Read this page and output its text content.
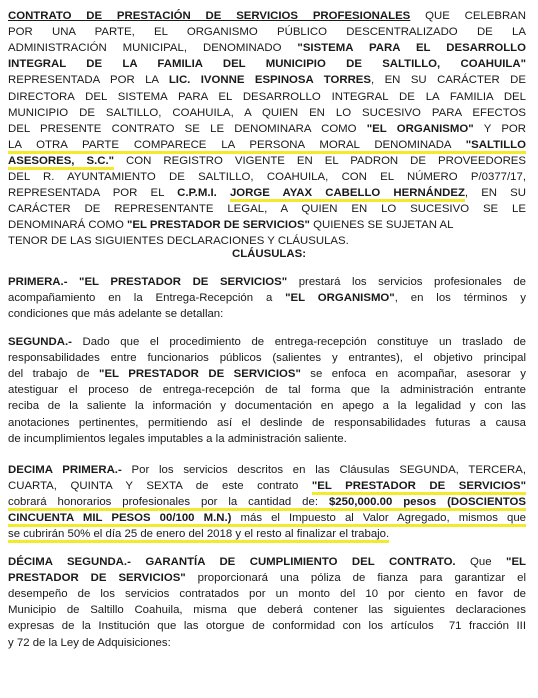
CONTRATO DE PRESTACIÓN DE SERVICIOS PROFESIONALES QUE CELEBRAN
POR UNA PARTE, EL ORGANISMO PÚBLICO DESCENTRALIZADO DE LA
ADMINISTRACIÓN MUNICIPAL, DENOMINADO "SISTEMA PARA EL DESARROLLO
INTEGRAL DE LA FAMILIA DEL MUNICIPIO DE SALTILLO, COAHUILA"
REPRESENTADA POR LA LIC. IVONNE ESPINOSA TORRES, EN SU CARÁCTER DE
DIRECTORA DEL SISTEMA PARA EL DESARROLLO INTEGRAL DE LA FAMILIA DEL
MUNICIPIO DE SALTILLO, COAHUILA, A QUIEN EN LO SUCESIVO PARA EFECTOS
DEL PRESENTE CONTRATO SE LE DENOMINARA COMO "EL ORGANISMO" Y POR
LA OTRA PARTE COMPARECE LA PERSONA MORAL DENOMINADA "SALTILLO
ASESORES, S.C." CON REGISTRO VIGENTE EN EL PADRON DE PROVEEDORES
DEL R. AYUNTAMIENTO DE SALTILLO, COAHUILA, CON EL NÚMERO P/0377/17,
REPRESENTADA POR EL C.P.M.I. JORGE AYAX CABELLO HERNÁNDEZ, EN SU
CARÁCTER DE REPRESENTANTE LEGAL, A QUIEN EN LO SUCESIVO SE LE
DENOMINARÁ COMO "EL PRESTADOR DE SERVICIOS" QUIENES SE SUJETAN AL
TENOR DE LAS SIGUIENTES DECLARACIONES Y CLÁUSULAS.
CLÁUSULAS:
PRIMERA.- "EL PRESTADOR DE SERVICIOS" prestará los servicios profesionales de
acompañamiento en la Entrega-Recepción a "EL ORGANISMO", en los términos y
condiciones que más adelante se detallan:
SEGUNDA.- Dado que el procedimiento de entrega-recepción constituye un traslado de
responsabilidades entre funcionarios públicos (salientes y entrantes), el objetivo principal
del trabajo de "EL PRESTADOR DE SERVICIOS" se enfoca en acompañar, asesorar y
atestiguar el proceso de entrega-recepción de tal forma que la administración entrante
reciba de la saliente la información y documentación en apego a la legalidad y con las
anotaciones pertinentes, permitiendo así el deslinde de responsabilidades futuras a causa
de incumplimientos legales imputables a la administración saliente.
DECIMA PRIMERA.- Por los servicios descritos en las Cláusulas SEGUNDA, TERCERA,
CUARTA, QUINTA Y SEXTA de este contrato "EL PRESTADOR DE SERVICIOS"
cobrará honorarios profesionales por la cantidad de: $250,000.00 pesos (DOSCIENTOS
CINCUENTA MIL PESOS 00/100 M.N.) más el Impuesto al Valor Agregado, mismos que
se cubrirán 50% el día 25 de enero del 2018 y el resto al finalizar el trabajo.
DÉCIMA SEGUNDA.- GARANTÍA DE CUMPLIMIENTO DEL CONTRATO. Que "EL
PRESTADOR DE SERVICIOS" proporcionará una póliza de fianza para garantizar el
desempeño de los servicios contratados por un monto del 10 por ciento en favor de
Municipio de Saltillo Coahuila, misma que deberá contener las siguientes declaraciones
expresas de la Institución que las otorgue de conformidad con los artículos  71 fracción III
y 72 de la Ley de Adquisiciones:
